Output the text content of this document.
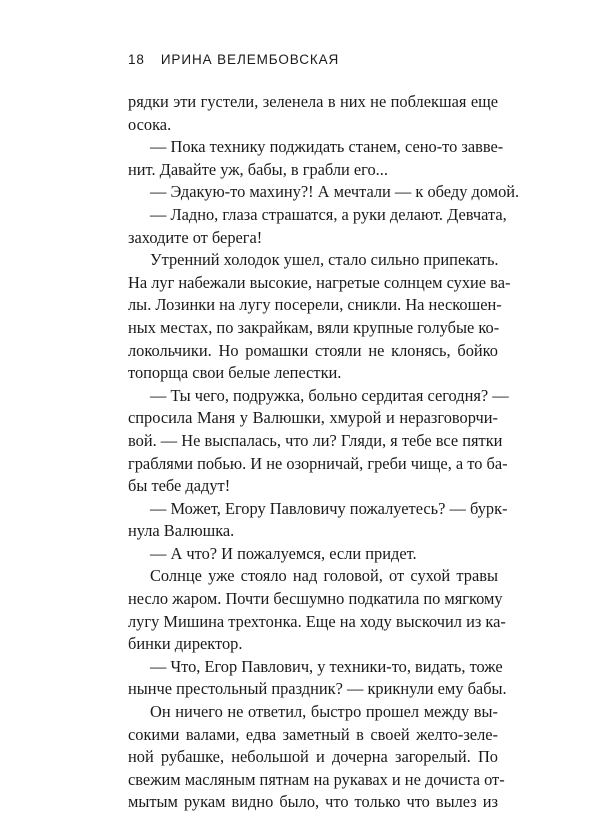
18 ИРИНА ВЕЛЕМБОВСКАЯ
рядки эти густели, зеленела в них не поблекшая еще
осока.
— Пока технику поджидать станем, сено-то завве-
нит. Давайте уж, бабы, в грабли его...
— Эдакую-то махину?! А мечтали — к обеду домой.
— Ладно, глаза страшатся, а руки делают. Девчата,
заходите от берега!
Утренний холодок ушел, стало сильно припекать.
На луг набежали высокие, нагретые солнцем сухие ва-
лы. Лозинки на лугу посерели, сникли. На нескошен-
ных местах, по закрайкам, вяли крупные голубые ко-
локольчики. Но ромашки стояли не клонясь, бойко
топорща свои белые лепестки.
— Ты чего, подружка, больно сердитая сегодня? —
спросила Маня у Валюшки, хмурой и неразговорчи-
вой. — Не выспалась, что ли? Гляди, я тебе все пятки
граблями побью. И не озорничай, греби чище, а то ба-
бы тебе дадут!
— Может, Егору Павловичу пожалуетесь? — бурк-
нула Валюшка.
— А что? И пожалуемся, если придет.
Солнце уже стояло над головой, от сухой травы
несло жаром. Почти бесшумно подкатила по мягкому
лугу Мишина трехтонка. Еще на ходу выскочил из ка-
бинки директор.
— Что, Егор Павлович, у техники-то, видать, тоже
нынче престольный праздник? — крикнули ему бабы.
Он ничего не ответил, быстро прошел между вы-
сокими валами, едва заметный в своей желто-зеле-
ной рубашке, небольшой и дочерна загорелый. По
свежим масляным пятнам на рукавах и не дочиста от-
мытым рукам видно было, что только что вылез из
